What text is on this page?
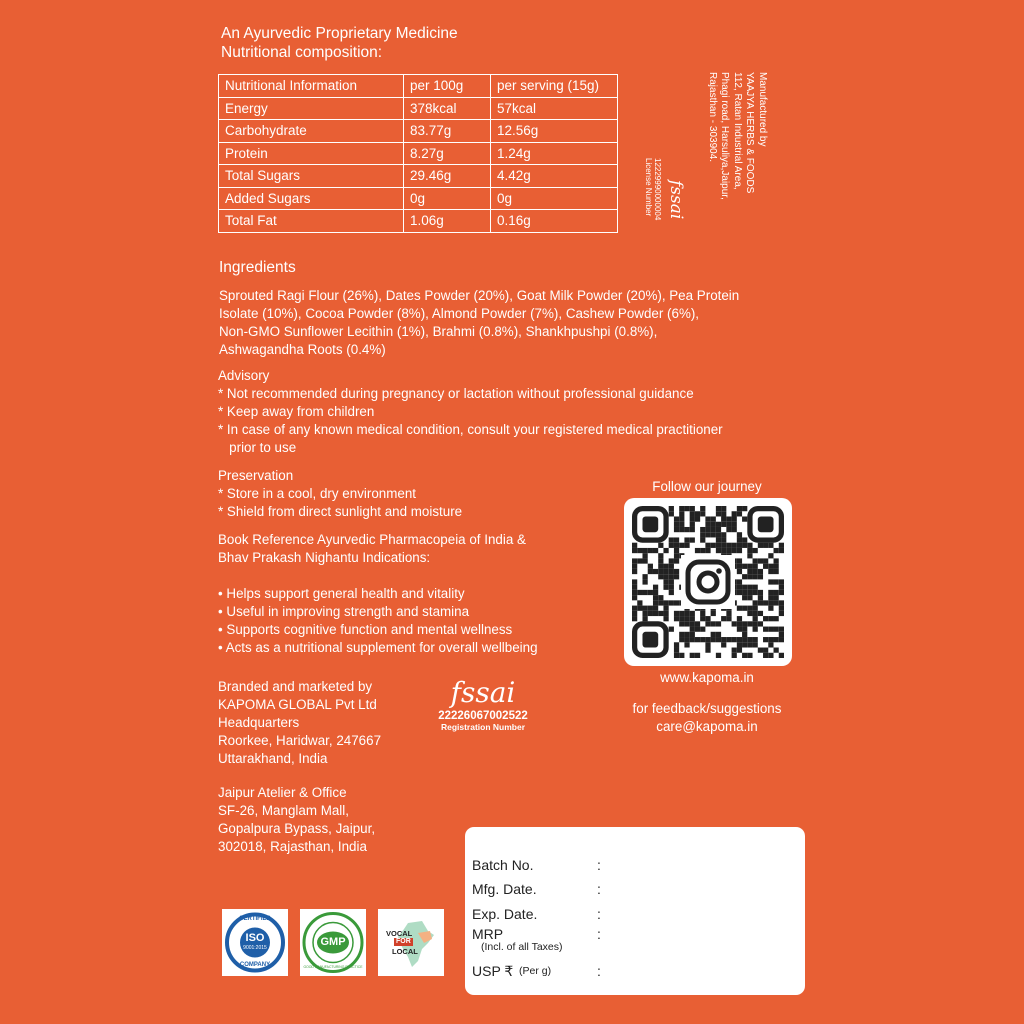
An Ayurvedic Proprietary Medicine
Nutritional composition:
Nutritional Information	per 100g	per serving (15g)
Energy	378kcal	57kcal
Carbohydrate	83.77g	12.56g
Protein	8.27g	1.24g
Total Sugars	29.46g	4.42g
Added Sugars	0g	0g
Total Fat	1.06g	0.16g
Manufactured by
YAAJYA HERBS & FOODS
112, Ratan Industrial Area,
Phagi road, Harsuliya,Jaipur,
Rajasthan - 303904.
fssai
12229990000004
License Number
Ingredients
Sprouted Ragi Flour (26%), Dates Powder (20%), Goat Milk Powder (20%), Pea Protein
Isolate (10%), Cocoa Powder (8%), Almond Powder (7%), Cashew Powder (6%),
Non-GMO Sunflower Lecithin (1%), Brahmi (0.8%), Shankhpushpi (0.8%),
Ashwagandha Roots (0.4%)
Advisory
* Not recommended during pregnancy or lactation without professional guidance
* Keep away from children
* In case of any known medical condition, consult your registered medical practitioner
prior to use
Preservation
* Store in a cool, dry environment
* Shield from direct sunlight and moisture
Book Reference Ayurvedic Pharmacopeia of India &
Bhav Prakash Nighantu Indications:
• Helps support general health and vitality
• Useful in improving strength and stamina
• Supports cognitive function and mental wellness
• Acts as a nutritional supplement for overall wellbeing
Branded and marketed by
KAPOMA GLOBAL Pvt Ltd
Headquarters
Roorkee, Haridwar, 247667
Uttarakhand, India
Jaipur Atelier & Office
SF-26, Manglam Mall,
Gopalpura Bypass, Jaipur,
302018, Rajasthan, India
fssai
22226067002522
Registration Number
Follow our journey
www.kapoma.in
for feedback/suggestions
care@kapoma.in
Batch No.	:
Mfg. Date.	:
Exp. Date.	:
MRP	:
(Incl. of all Taxes)
USP ₹ (Per g)	:
CERTIFIED
ISO
9001:2015
COMPANY
GMP
GOOD MANUFACTURING PRACTICE
VOCAL
FOR
LOCAL
